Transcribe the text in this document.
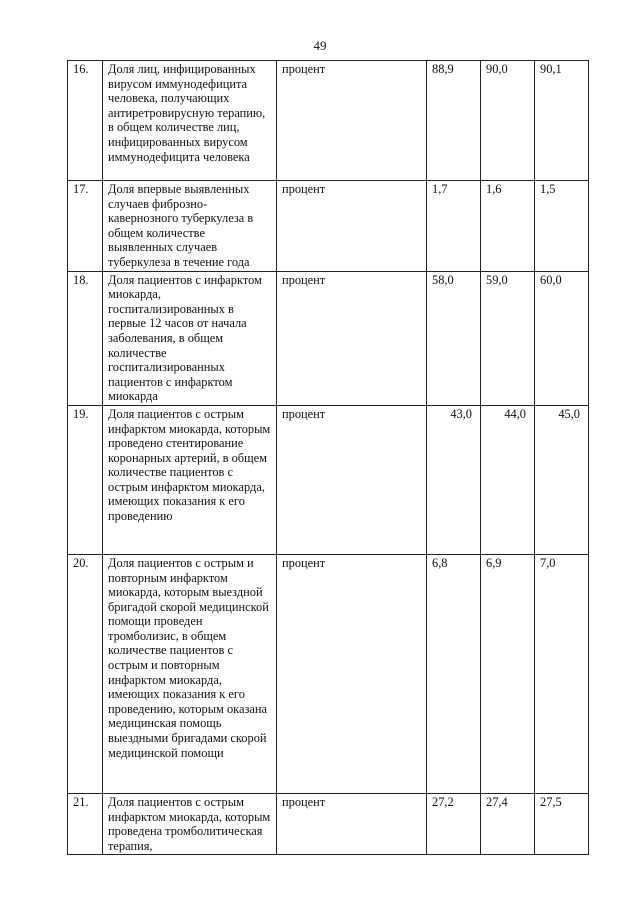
49
16.	Доля лиц, инфицированных вирусом иммунодефицита человека, получающих антиретровирусную терапию, в общем количестве лиц, инфицированных вирусом иммунодефицита человека	процент	88,9	90,0	90,1
17.	Доля впервые выявленных случаев фиброзно-кавернозного туберкулеза в общем количестве выявленных случаев туберкулеза в течение года	процент	1,7	1,6	1,5
18.	Доля пациентов с инфарктом миокарда, госпитализированных в первые 12 часов от начала заболевания, в общем количестве госпитализированных пациентов с инфарктом миокарда	процент	58,0	59,0	60,0
19.	Доля пациентов с острым инфарктом миокарда, которым проведено стентирование коронарных артерий, в общем количестве пациентов с острым инфарктом миокарда, имеющих показания к его проведению	процент	43,0	44,0	45,0
20.	Доля пациентов с острым и повторным инфарктом миокарда, которым выездной бригадой скорой медицинской помощи проведен тромболизис, в общем количестве пациентов с острым и повторным инфарктом миокарда, имеющих показания к его проведению, которым оказана медицинская помощь выездными бригадами скорой медицинской помощи	процент	6,8	6,9	7,0
21.	Доля пациентов с острым инфарктом миокарда, которым проведена тромболитическая терапия,	процент	27,2	27,4	27,5
